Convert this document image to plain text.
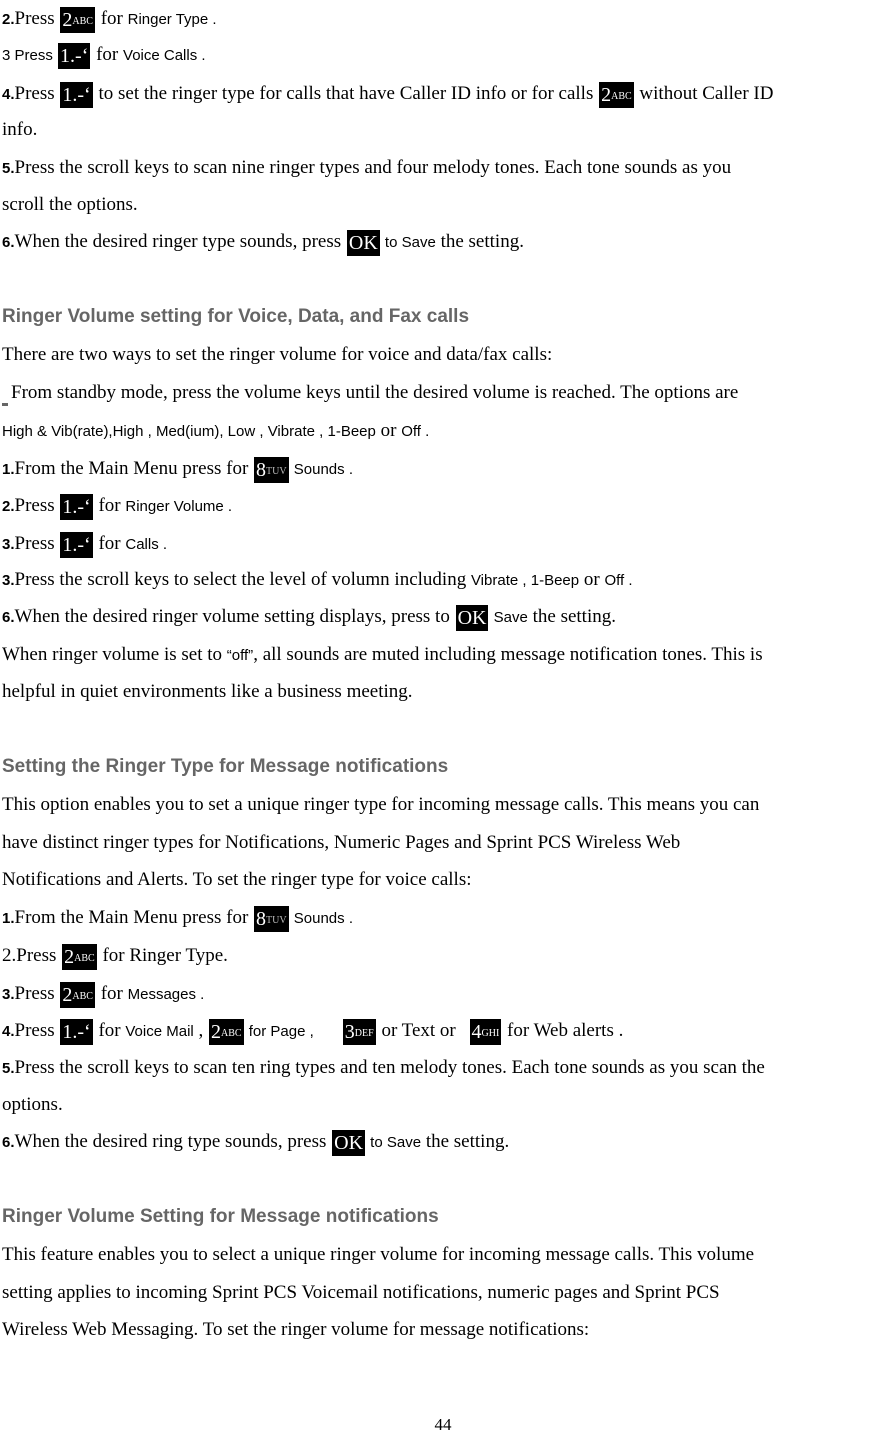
2.Press $2^{ABC}$ for Ringer Type .
3 Press 1.-‘ for Voice Calls .
4.Press 1.-‘ to set the ringer type for calls that have Caller ID info or for calls $2^{ABC}$ without Caller ID
info.
5.Press the scroll keys to scan nine ringer types and four melody tones. Each tone sounds as you
scroll the options.
6.When the desired ringer type sounds, press OK to Save the setting.
Ringer Volume setting for Voice, Data, and Fax calls
There are two ways to set the ringer volume for voice and data/fax calls:
From standby mode, press the volume keys until the desired volume is reached. The options are
High & Vib(rate),High , Med(ium), Low , Vibrate , 1-Beep or Off .
1.From the Main Menu press for $8^{TUV}$ Sounds .
2.Press 1.-‘ for Ringer Volume .
3.Press 1.-‘ for Calls .
3.Press the scroll keys to select the level of volumn including Vibrate , 1-Beep or Off .
6.When the desired ringer volume setting displays, press to OK Save the setting.
When ringer volume is set to “off”, all sounds are muted including message notification tones. This is
helpful in quiet environments like a business meeting.
Setting the Ringer Type for Message notifications
This option enables you to set a unique ringer type for incoming message calls. This means you can
have distinct ringer types for Notifications, Numeric Pages and Sprint PCS Wireless Web
Notifications and Alerts. To set the ringer type for voice calls:
1.From the Main Menu press for $8^{TUV}$ Sounds .
2.Press $2^{ABC}$ for Ringer Type.
3.Press $2^{ABC}$ for Messages .
4.Press 1.-‘ for Voice Mail , $2^{ABC}$ for Page , $3^{DEF}$ or Text or $4^{GHI}$ for Web alerts .
5.Press the scroll keys to scan ten ring types and ten melody tones. Each tone sounds as you scan the
options.
6.When the desired ring type sounds, press OK to Save the setting.
Ringer Volume Setting for Message notifications
This feature enables you to select a unique ringer volume for incoming message calls. This volume
setting applies to incoming Sprint PCS Voicemail notifications, numeric pages and Sprint PCS
Wireless Web Messaging. To set the ringer volume for message notifications:
44
